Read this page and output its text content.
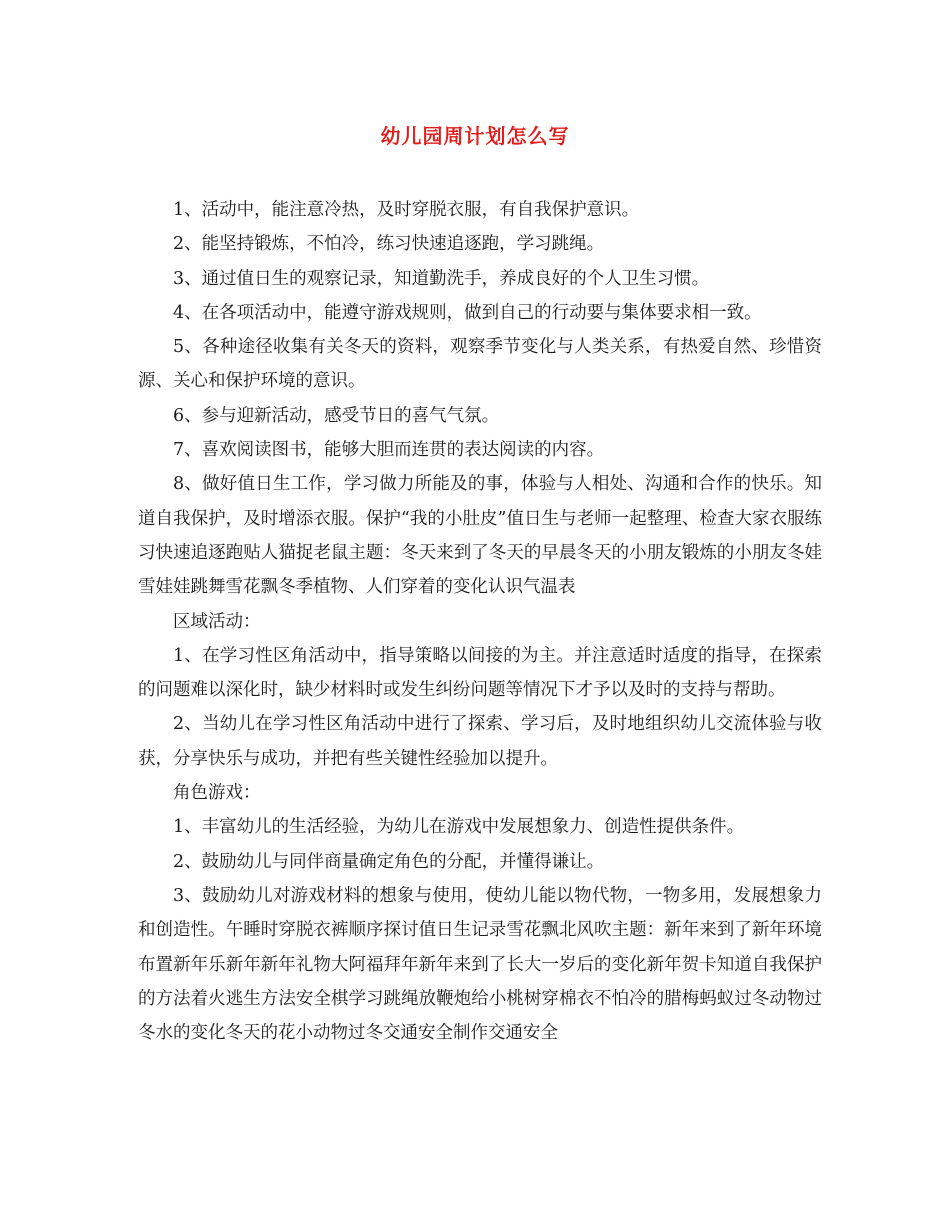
幼儿园周计划怎么写

1、活动中，能注意冷热，及时穿脱衣服，有自我保护意识。

2、能坚持锻炼，不怕冷，练习快速追逐跑，学习跳绳。

3、通过值日生的观察记录，知道勤洗手，养成良好的个人卫生习惯。

4、在各项活动中，能遵守游戏规则，做到自己的行动要与集体要求相一致。

5、各种途径收集有关冬天的资料，观察季节变化与人类关系，有热爱自然、珍惜资源、关心和保护环境的意识。

6、参与迎新活动，感受节日的喜气气氛。

7、喜欢阅读图书，能够大胆而连贯的表达阅读的内容。

8、做好值日生工作，学习做力所能及的事，体验与人相处、沟通和合作的快乐。知道自我保护，及时增添衣服。保护“我的小肚皮”值日生与老师一起整理、检查大家衣服练习快速追逐跑贴人猫捉老鼠主题：冬天来到了冬天的早晨冬天的小朋友锻炼的小朋友冬娃雪娃娃跳舞雪花飘冬季植物、人们穿着的变化认识气温表

区域活动：

1、在学习性区角活动中，指导策略以间接的为主。并注意适时适度的指导，在探索的问题难以深化时，缺少材料时或发生纠纷问题等情况下才予以及时的支持与帮助。

2、当幼儿在学习性区角活动中进行了探索、学习后，及时地组织幼儿交流体验与收获，分享快乐与成功，并把有些关键性经验加以提升。

角色游戏：

1、丰富幼儿的生活经验，为幼儿在游戏中发展想象力、创造性提供条件。

2、鼓励幼儿与同伴商量确定角色的分配，并懂得谦让。

3、鼓励幼儿对游戏材料的想象与使用，使幼儿能以物代物，一物多用，发展想象力和创造性。午睡时穿脱衣裤顺序探讨值日生记录雪花飘北风吹主题：新年来到了新年环境布置新年乐新年新年礼物大阿福拜年新年来到了长大一岁后的变化新年贺卡知道自我保护的方法着火逃生方法安全棋学习跳绳放鞭炮给小桃树穿棉衣不怕冷的腊梅蚂蚁过冬动物过冬水的变化冬天的花小动物过冬交通安全制作交通安全
